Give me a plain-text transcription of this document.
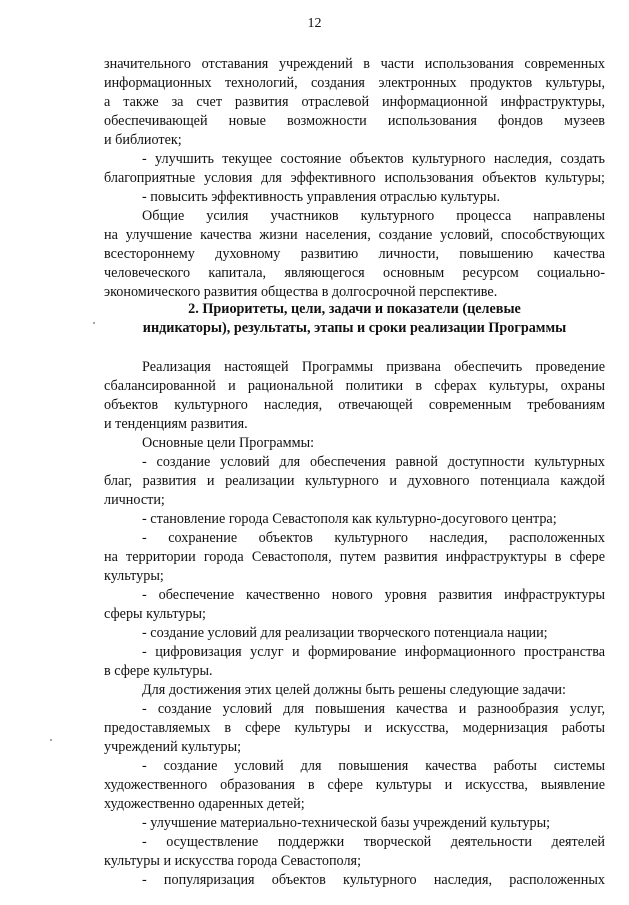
12
значительного отставания учреждений в части использования современных
информационных технологий, создания электронных продуктов культуры,
а также за счет развития отраслевой информационной инфраструктуры,
обеспечивающей новые возможности использования фондов музеев
и библиотек;
- улучшить текущее состояние объектов культурного наследия, создать
благоприятные условия для эффективного использования объектов культуры;
- повысить эффективность управления отраслью культуры.
Общие усилия участников культурного процесса направлены
на улучшение качества жизни населения, создание условий, способствующих
всестороннему духовному развитию личности, повышению качества
человеческого капитала, являющегося основным ресурсом социально-
экономического развития общества в долгосрочной перспективе.
2. Приоритеты, цели, задачи и показатели (целевые
индикаторы), результаты, этапы и сроки реализации Программы
Реализация настоящей Программы призвана обеспечить проведение
сбалансированной и рациональной политики в сферах культуры, охраны
объектов культурного наследия, отвечающей современным требованиям
и тенденциям развития.
Основные цели Программы:
- создание условий для обеспечения равной доступности культурных
благ, развития и реализации культурного и духовного потенциала каждой
личности;
- становление города Севастополя как культурно-досугового центра;
- сохранение объектов культурного наследия, расположенных
на территории города Севастополя, путем развития инфраструктуры в сфере
культуры;
- обеспечение качественно нового уровня развития инфраструктуры
сферы культуры;
- создание условий для реализации творческого потенциала нации;
- цифровизация услуг и формирование информационного пространства
в сфере культуры.
Для достижения этих целей должны быть решены следующие задачи:
- создание условий для повышения качества и разнообразия услуг,
предоставляемых в сфере культуры и искусства, модернизация работы
учреждений культуры;
- создание условий для повышения качества работы системы
художественного образования в сфере культуры и искусства, выявление
художественно одаренных детей;
- улучшение материально-технической базы учреждений культуры;
- осуществление поддержки творческой деятельности деятелей
культуры и искусства города Севастополя;
- популяризация объектов культурного наследия, расположенных
